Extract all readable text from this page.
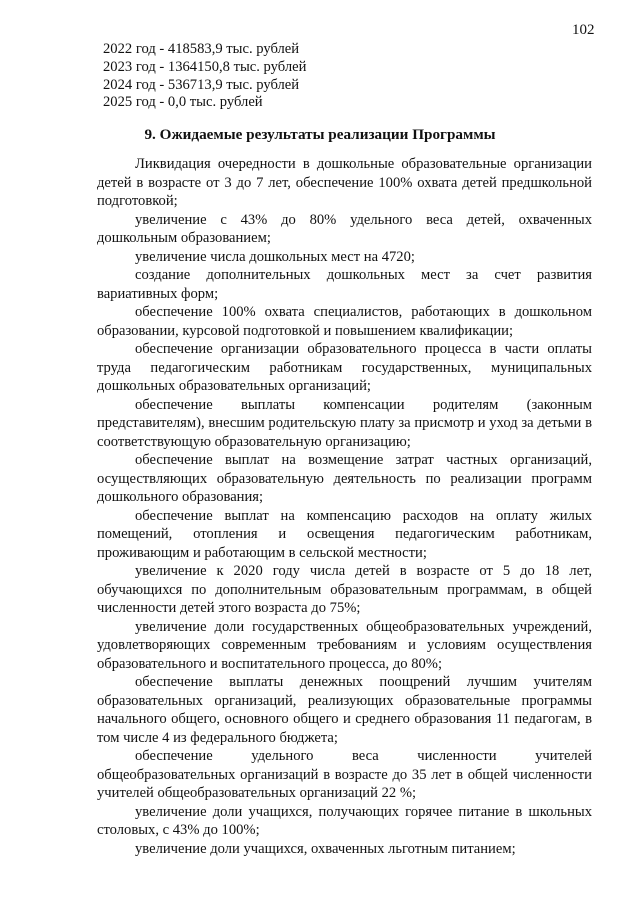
102
2022 год - 418583,9 тыс. рублей
2023 год - 1364150,8 тыс. рублей
2024 год - 536713,9 тыс. рублей
2025 год - 0,0 тыс. рублей
9. Ожидаемые результаты реализации Программы

Ликвидация очередности в дошкольные образовательные организации детей в возрасте от 3 до 7 лет, обеспечение 100% охвата детей предшкольной подготовкой;

увеличение с 43% до 80% удельного веса детей, охваченных дошкольным образованием;

увеличение числа дошкольных мест на 4720;

создание дополнительных дошкольных мест за счет развития вариативных форм;

обеспечение 100% охвата специалистов, работающих в дошкольном образовании, курсовой подготовкой и повышением квалификации;

обеспечение организации образовательного процесса в части оплаты труда педагогическим работникам государственных, муниципальных дошкольных образовательных организаций;

обеспечение выплаты компенсации родителям (законным представителям), внесшим родительскую плату за присмотр и уход за детьми в соответствующую образовательную организацию;

обеспечение выплат на возмещение затрат частных организаций, осуществляющих образовательную деятельность по реализации программ дошкольного образования;

обеспечение выплат на компенсацию расходов на оплату жилых помещений, отопления и освещения педагогическим работникам, проживающим и работающим в сельской местности;

увеличение к 2020 году числа детей в возрасте от 5 до 18 лет, обучающихся по дополнительным образовательным программам, в общей численности детей этого возраста до 75%;

увеличение доли государственных общеобразовательных учреждений, удовлетворяющих современным требованиям и условиям осуществления образовательного и воспитательного процесса, до 80%;

обеспечение выплаты денежных поощрений лучшим учителям образовательных организаций, реализующих образовательные программы начального общего, основного общего и среднего образования 11 педагогам, в том числе 4 из федерального бюджета;

обеспечение удельного веса численности учителей общеобразовательных организаций в возрасте до 35 лет в общей численности учителей общеобразовательных организаций 22 %;

увеличение доли учащихся, получающих горячее питание в школьных столовых, с 43% до 100%;

увеличение доли учащихся, охваченных льготным питанием;
